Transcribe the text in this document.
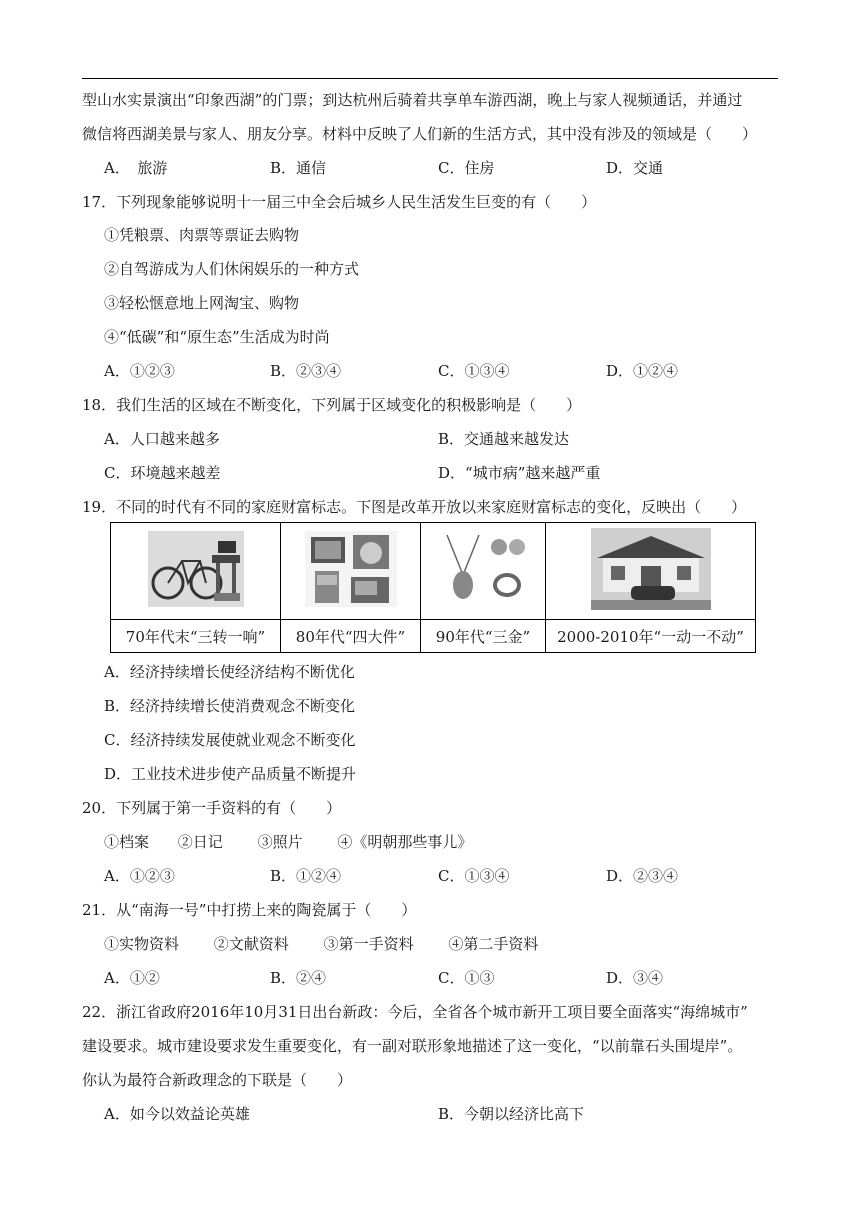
型山水实景演出“印象西湖”的门票；到达杭州后骑着共享单车游西湖，晚上与家人视频通话，并通过
微信将西湖美景与家人、朋友分享。材料中反映了人们新的生活方式，其中没有涉及的领域是（　　）
A．　旅游	B．通信	C．住房	D．交通
17．下列现象能够说明十一届三中全会后城乡人民生活发生巨变的有（　　）
①凭粮票、肉票等票证去购物
②自驾游成为人们休闲娱乐的一种方式
③轻松惬意地上网淘宝、购物
④“低碳”和“原生态”生活成为时尚
A．①②③	B．②③④	C．①③④	D．①②④
18．我们生活的区域在不断变化，下列属于区域变化的积极影响是（　　）
A．人口越来越多	B．交通越来越发达
C．环境越来越差	D．“城市病”越来越严重
19．不同的时代有不同的家庭财富标志。下图是改革开放以来家庭财富标志的变化，反映出（　　）

70年代末“三转一响”	80年代“四大件”	90年代“三金”	2000-2010年“一动一不动”
A．经济持续增长使经济结构不断优化
B．经济持续增长使消费观念不断变化
C．经济持续发展使就业观念不断变化
D．工业技术进步使产品质量不断提升
20．下列属于第一手资料的有（　　）
①档案 ②日记 ③照片 ④《明朝那些事儿》
A．①②③	B．①②④	C．①③④	D．②③④
21．从“南海一号”中打捞上来的陶瓷属于（　　）
①实物资料 ②文献资料 ③第一手资料 ④第二手资料
A．①②	B．②④	C．①③	D．③④
22．浙江省政府2016年10月31日出台新政：今后，全省各个城市新开工项目要全面落实“海绵城市”
建设要求。城市建设要求发生重要变化，有一副对联形象地描述了这一变化，“以前靠石头围堤岸”。
你认为最符合新政理念的下联是（　　）
A．如今以效益论英雄	B．今朝以经济比高下
